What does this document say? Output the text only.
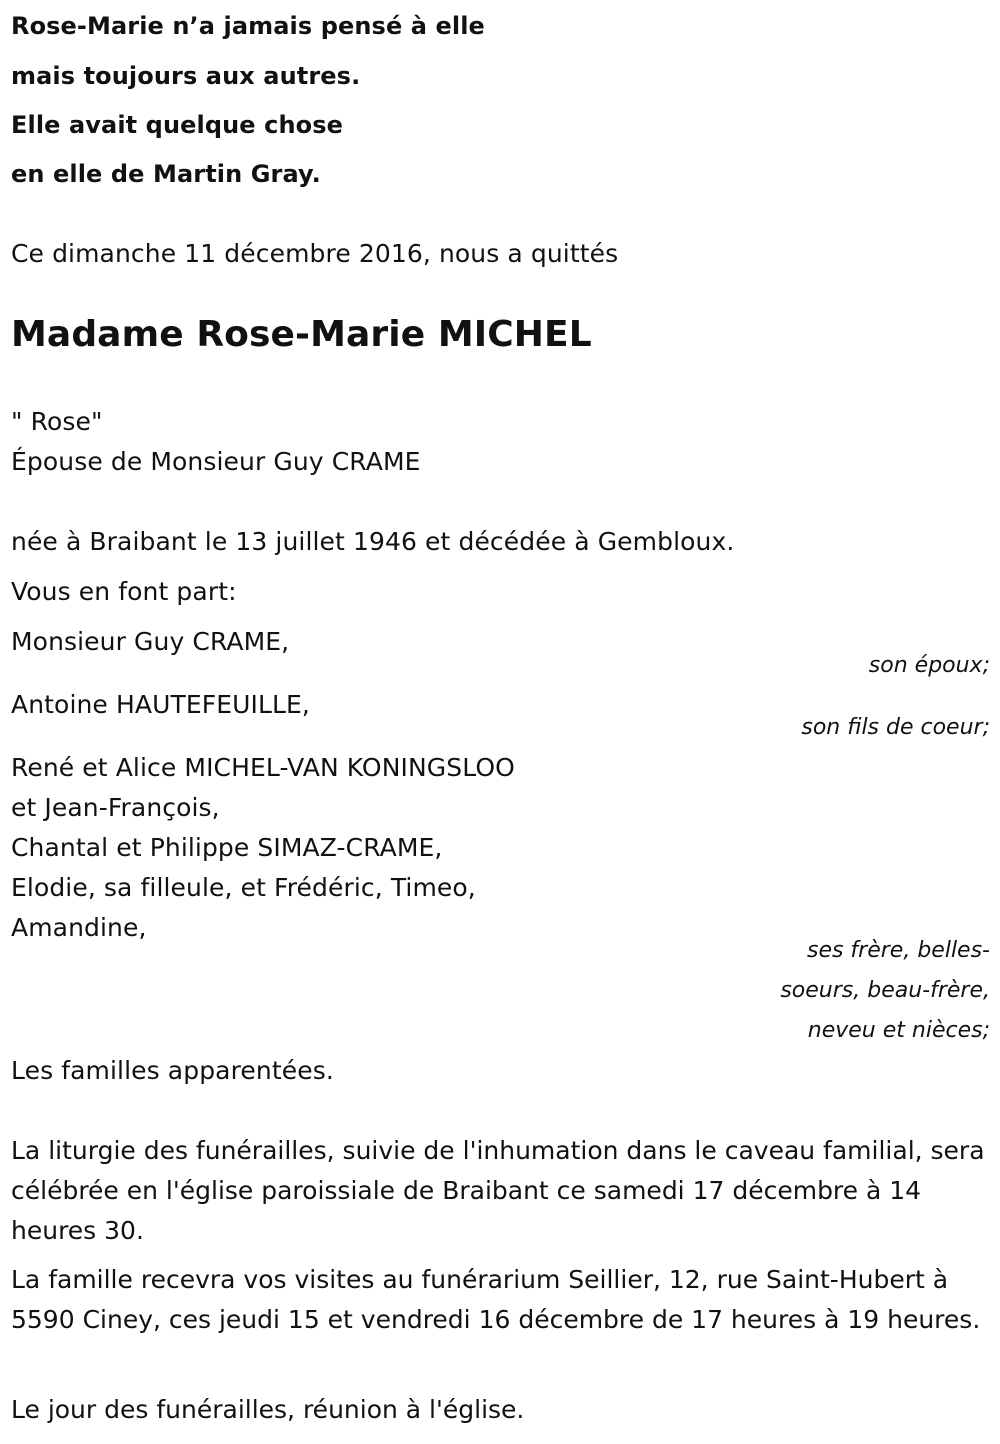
Rose-Marie n’a jamais pensé à elle
mais toujours aux autres.
Elle avait quelque chose
en elle de Martin Gray.
Ce dimanche 11 décembre 2016, nous a quittés
Madame Rose-Marie MICHEL
" Rose"
Épouse de Monsieur Guy CRAME
née à Braibant le 13 juillet 1946 et décédée à Gembloux.
Vous en font part:
Monsieur Guy CRAME,
son époux;
Antoine HAUTEFEUILLE,
son fils de coeur;
René et Alice MICHEL-VAN KONINGSLOO
et Jean-François,
Chantal et Philippe SIMAZ-CRAME,
Elodie, sa filleule, et Frédéric, Timeo,
Amandine,
ses frère, belles-
soeurs, beau-frère,
neveu et nièces;
Les familles apparentées.
La liturgie des funérailles, suivie de l'inhumation dans le caveau familial, sera célébrée en l'église paroissiale de Braibant ce samedi 17 décembre à 14 heures 30.
La famille recevra vos visites au funérarium Seillier, 12, rue Saint-Hubert à 5590 Ciney, ces jeudi 15 et vendredi 16 décembre de 17 heures à 19 heures.
Le jour des funérailles, réunion à l'église.
